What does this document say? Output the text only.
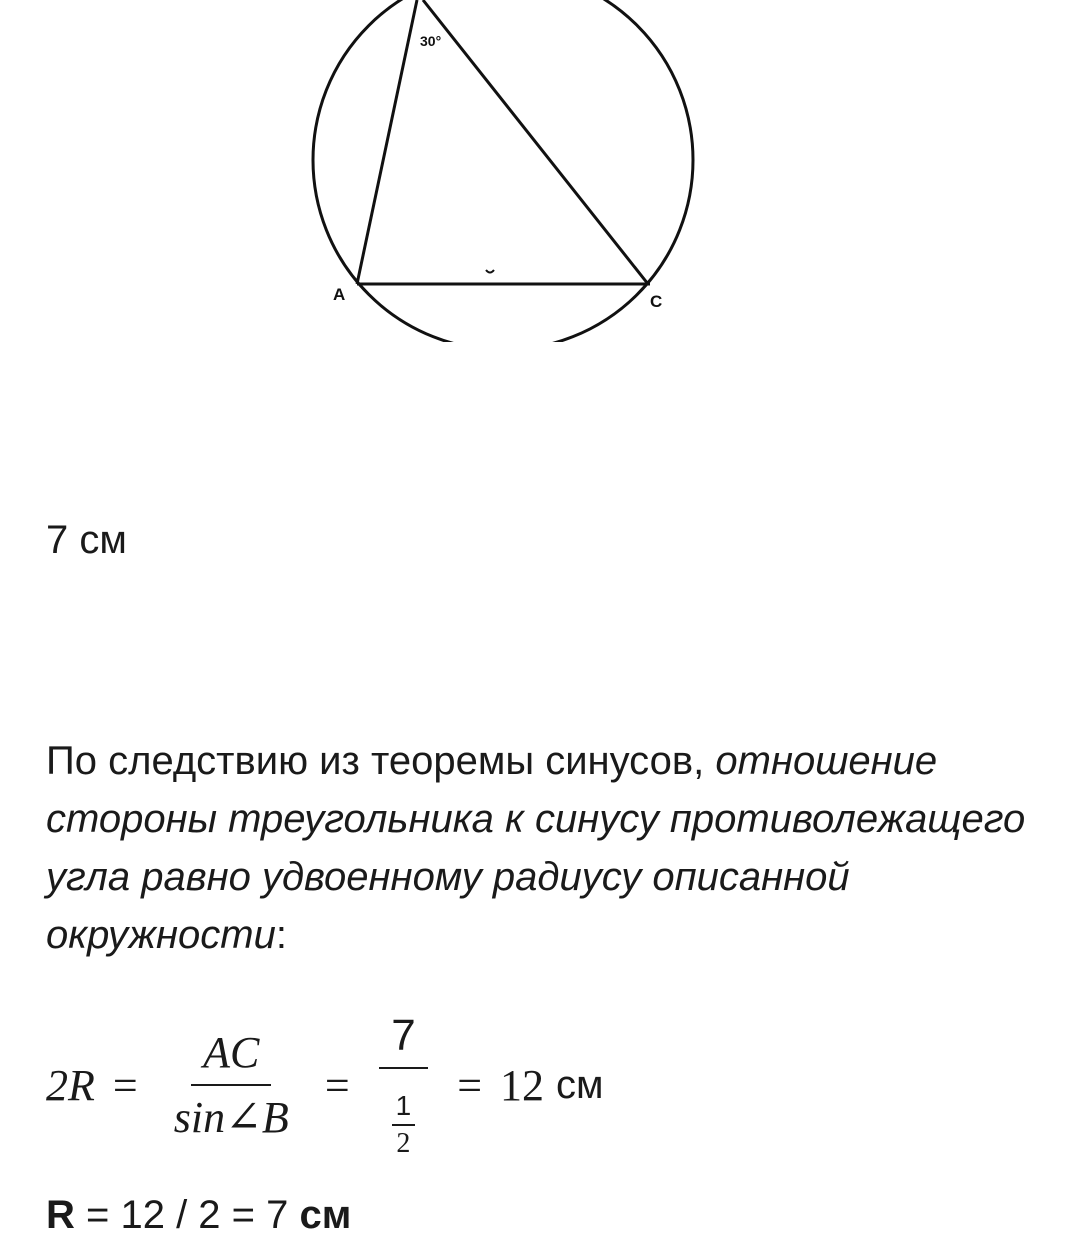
30°
A	C
7 см
По следствию из теоремы синусов, отношение стороны треугольника к синусу противолежащего угла равно удвоенному радиусу описанной окружности:
$2R = \frac{AC}{\sin\angle B} = \frac{7}{\frac{1}{2}} = 12$ см
R = 12 / 2 = 7 см
